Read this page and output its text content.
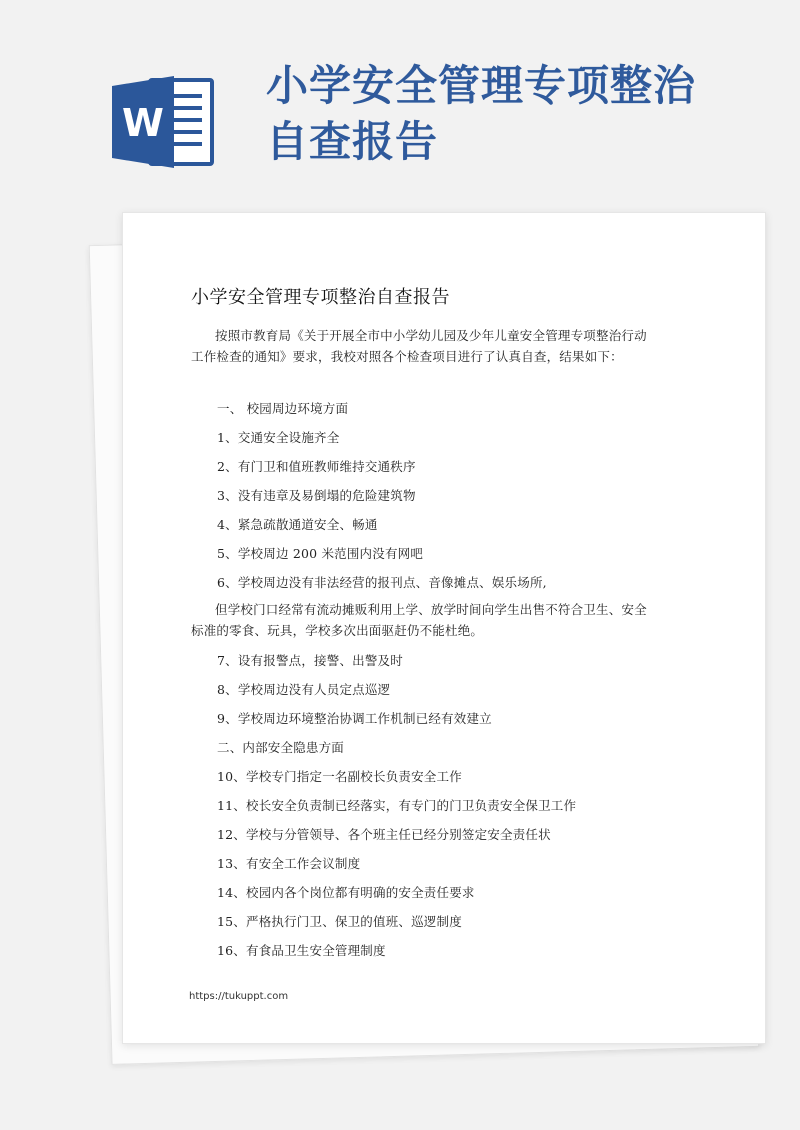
W
小学安全管理专项整治自查报告
小学安全管理专项整治自查报告

按照市教育局《关于开展全市中小学幼儿园及少年儿童安全管理专项整治行动工作检查的通知》要求，我校对照各个检查项目进行了认真自查，结果如下：

一、 校园周边环境方面
1、交通安全设施齐全
2、有门卫和值班教师维持交通秩序
3、没有违章及易倒塌的危险建筑物
4、紧急疏散通道安全、畅通
5、学校周边 200 米范围内没有网吧
6、学校周边没有非法经营的报刊点、音像摊点、娱乐场所,

但学校门口经常有流动摊贩利用上学、放学时间向学生出售不符合卫生、安全标准的零食、玩具，学校多次出面驱赶仍不能杜绝。

7、设有报警点，接警、出警及时
8、学校周边没有人员定点巡逻
9、学校周边环境整治协调工作机制已经有效建立
二、内部安全隐患方面
10、学校专门指定一名副校长负责安全工作
11、校长安全负责制已经落实，有专门的门卫负责安全保卫工作
12、学校与分管领导、各个班主任已经分别签定安全责任状
13、有安全工作会议制度
14、校园内各个岗位都有明确的安全责任要求
15、严格执行门卫、保卫的值班、巡逻制度
16、有食品卫生安全管理制度
https://tukuppt.com
